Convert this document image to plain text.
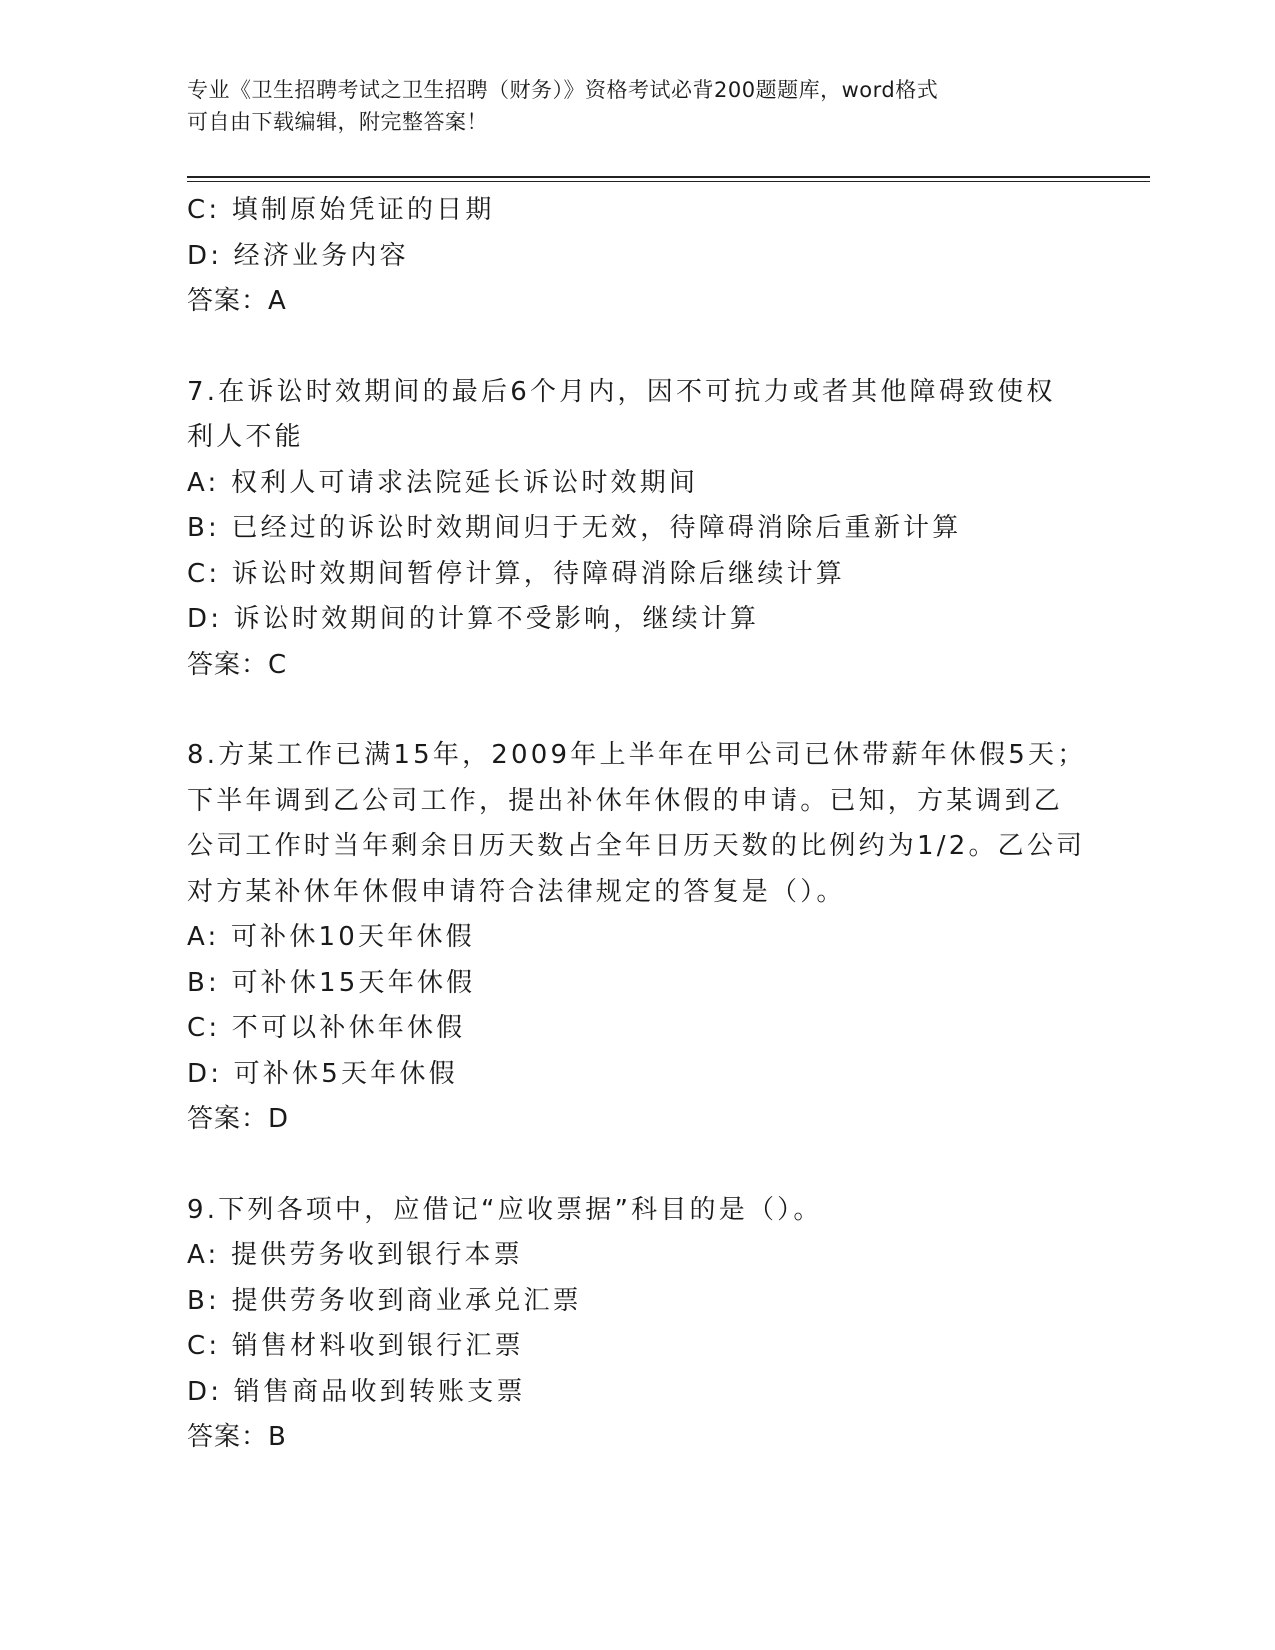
专业《卫生招聘考试之卫生招聘（财务）》资格考试必背200题题库，word格式
可自由下载编辑，附完整答案！
C: 填制原始凭证的日期
D: 经济业务内容
答案：A
7.在诉讼时效期间的最后6个月内，因不可抗力或者其他障碍致使权
利人不能
A: 权利人可请求法院延长诉讼时效期间
B: 已经过的诉讼时效期间归于无效，待障碍消除后重新计算
C: 诉讼时效期间暂停计算，待障碍消除后继续计算
D: 诉讼时效期间的计算不受影响，继续计算
答案：C
8.方某工作已满15年，2009年上半年在甲公司已休带薪年休假5天；
下半年调到乙公司工作，提出补休年休假的申请。已知，方某调到乙
公司工作时当年剩余日历天数占全年日历天数的比例约为1/2。乙公司
对方某补休年休假申请符合法律规定的答复是（）。
A: 可补休10天年休假
B: 可补休15天年休假
C: 不可以补休年休假
D: 可补休5天年休假
答案：D
9.下列各项中，应借记“应收票据”科目的是（）。
A: 提供劳务收到银行本票
B: 提供劳务收到商业承兑汇票
C: 销售材料收到银行汇票
D: 销售商品收到转账支票
答案：B
